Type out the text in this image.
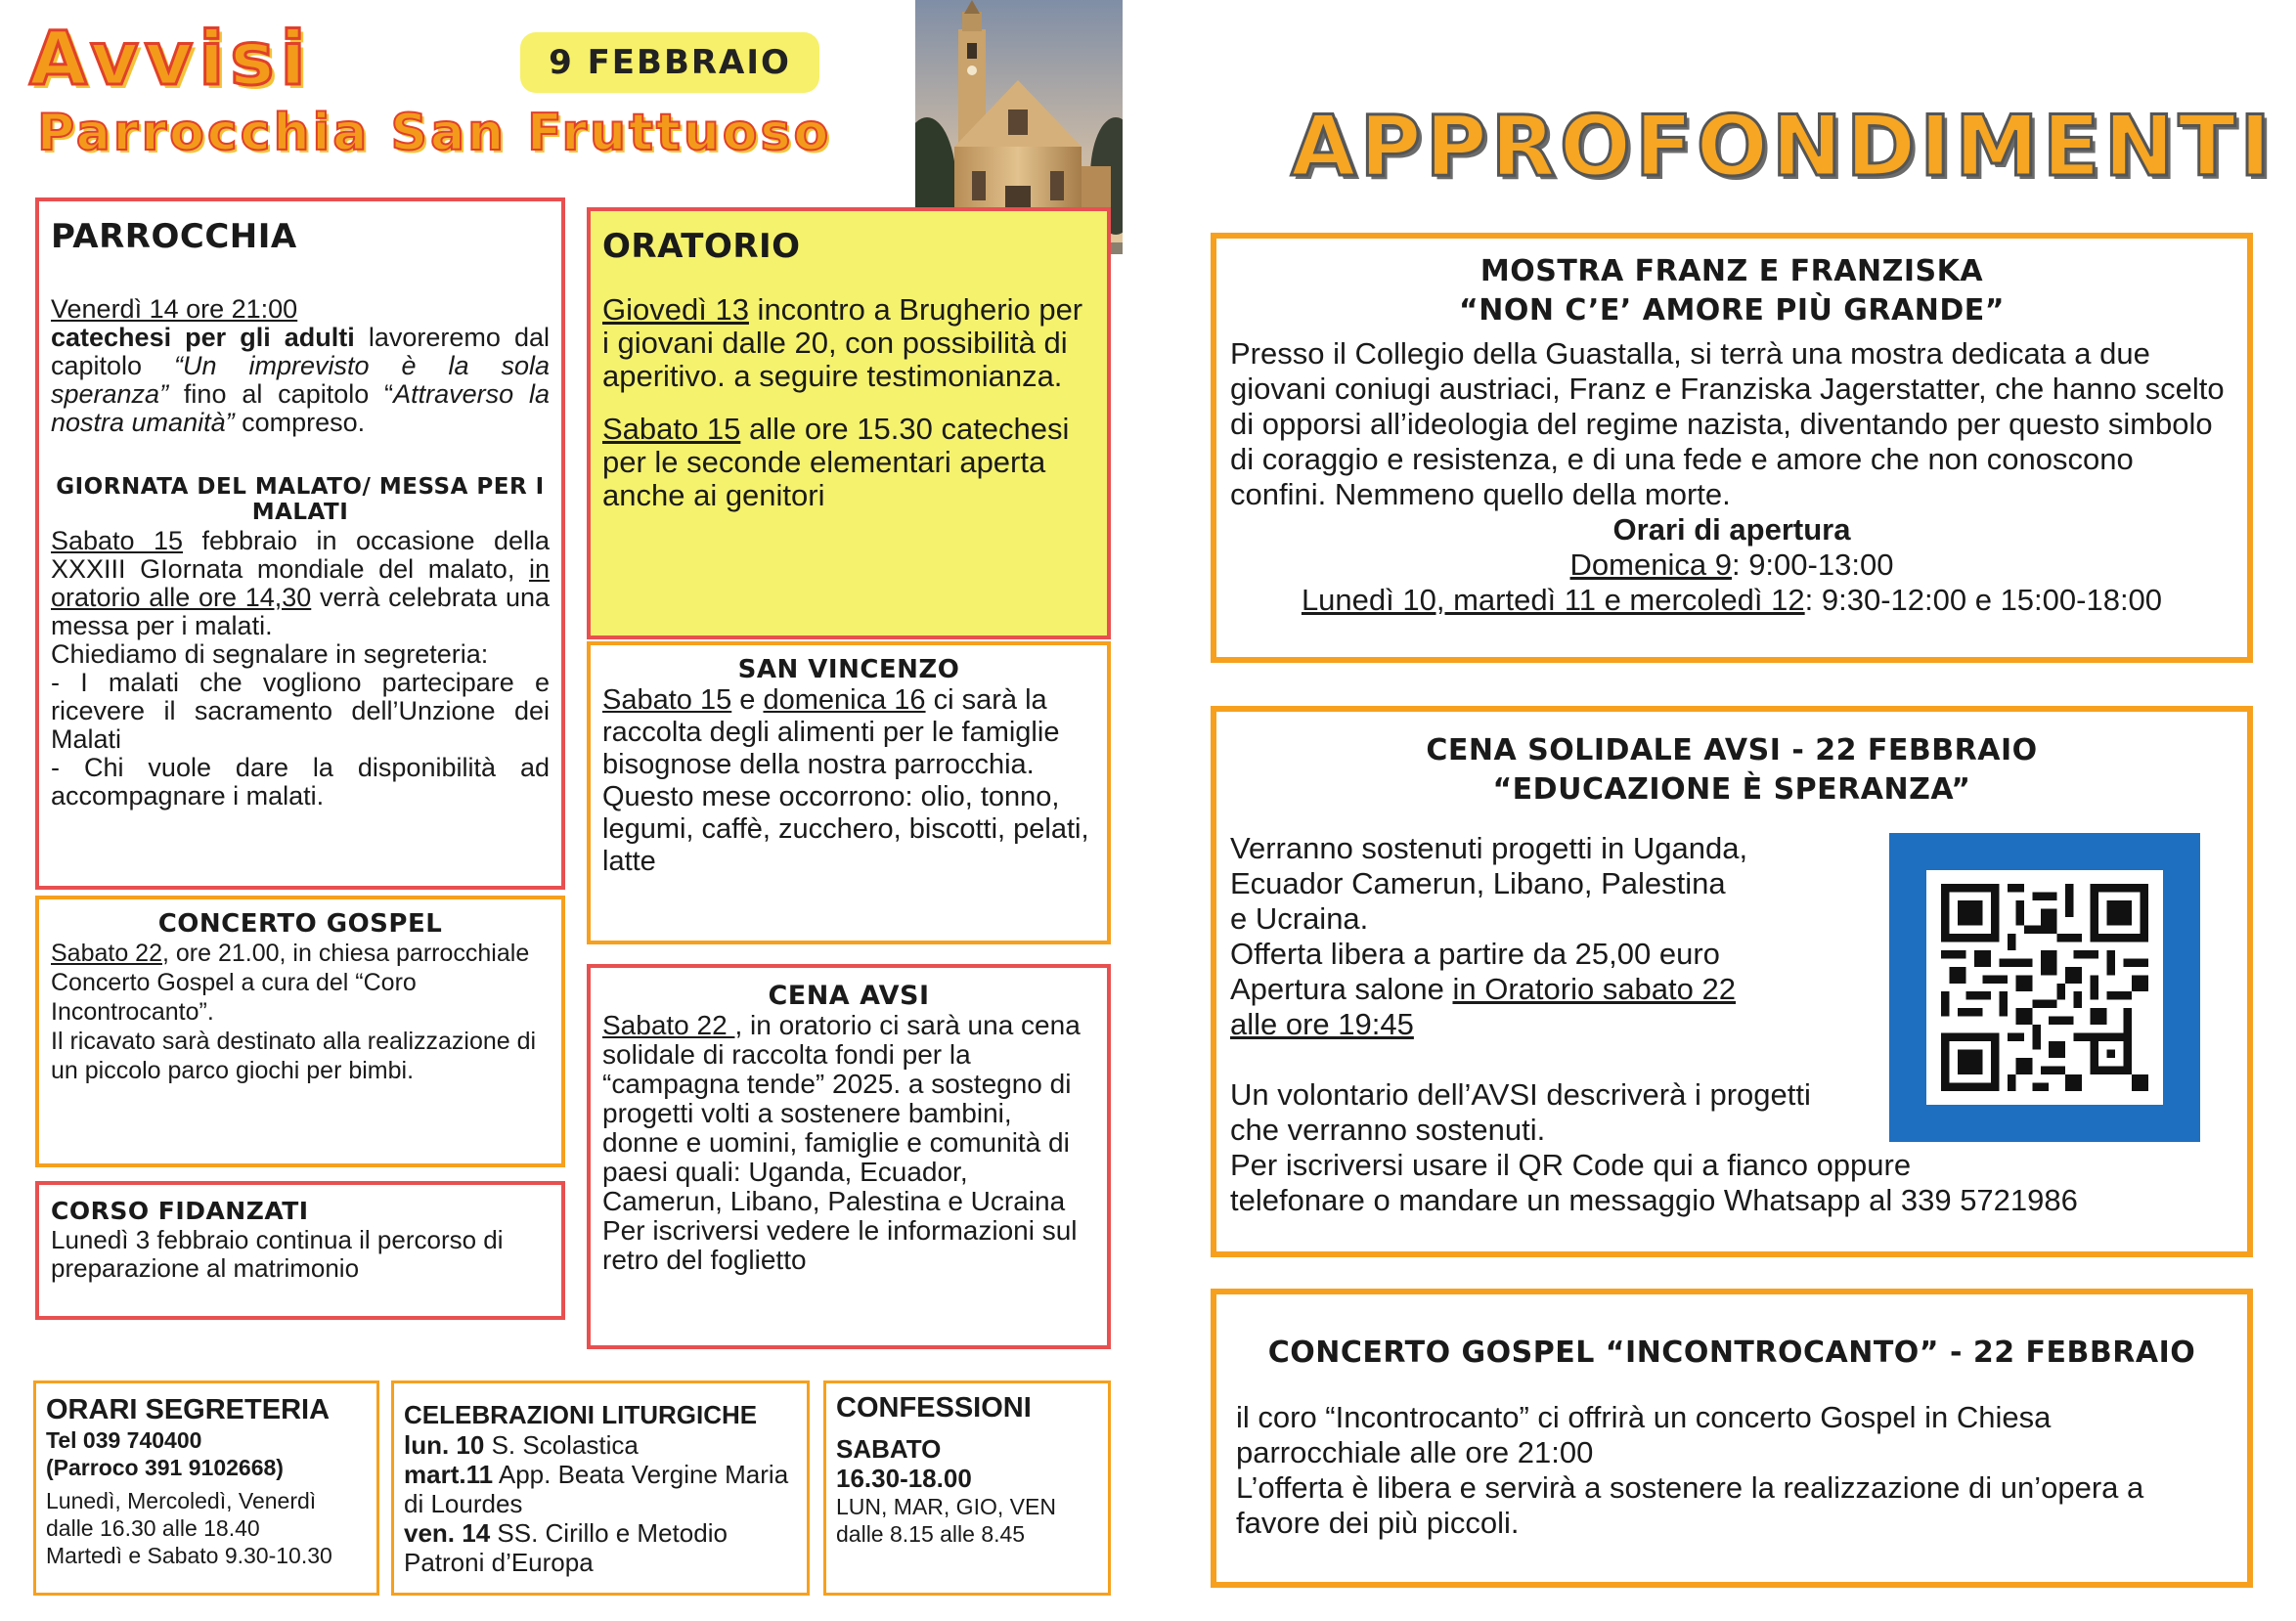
Avvisi
Parrocchia San Fruttuoso
9 FEBBRAIO
APPROFONDIMENTI
PARROCCHIA

Venerdì 14 ore 21:00

catechesi per gli adulti lavoreremo dal capitolo “Un imprevisto è la sola speranza” fino al capitolo “Attraverso la nostra umanità” compreso.

GIORNATA DEL MALATO/ MESSA PER I MALATI

Sabato 15 febbraio in occasione della XXXIII GIornata mondiale del malato, in oratorio alle ore 14,30 verrà celebrata una messa per i malati.

Chiediamo di segnalare in segreteria:

- I malati che vogliono partecipare e ricevere il sacramento dell’Unzione dei Malati

- Chi vuole dare la disponibilità ad accompagnare i malati.

ORATORIO

Giovedì 13 incontro a Brugherio per i giovani dalle 20, con possibilità di aperitivo. a seguire testimonianza.

Sabato 15 alle ore 15.30 catechesi per le seconde elementari aperta anche ai genitori

SAN VINCENZO

Sabato 15 e domenica 16 ci sarà la raccolta degli alimenti per le famiglie bisognose della nostra parrocchia.

Questo mese occorrono: olio, tonno, legumi, caffè, zucchero, biscotti, pelati, latte

CONCERTO GOSPEL

Sabato 22, ore 21.00, in chiesa parrocchiale Concerto Gospel a cura del “Coro Incontrocanto”.

Il ricavato sarà destinato alla realizzazione di un piccolo parco giochi per bimbi.

CORSO FIDANZATI

Lunedì 3 febbraio continua il percorso di preparazione al matrimonio

CENA AVSI

Sabato 22 , in oratorio ci sarà una cena solidale di raccolta fondi per la “campagna tende” 2025. a sostegno di progetti volti a sostenere bambini, donne e uomini, famiglie e comunità di paesi quali: Uganda, Ecuador, Camerun, Libano, Palestina e Ucraina

Per iscriversi vedere le informazioni sul retro del foglietto

ORARI SEGRETERIA
Tel 039 740400
(Parroco 391 9102668)
Lunedì, Mercoledì, Venerdì
dalle 16.30 alle 18.40
Martedì e Sabato 9.30-10.30
CELEBRAZIONI LITURGICHE
lun. 10 S. Scolastica
mart.11 App. Beata Vergine Maria di Lourdes
ven. 14 SS. Cirillo e Metodio Patroni d’Europa
CONFESSIONI
SABATO
16.30-18.00
LUN, MAR, GIO, VEN
dalle 8.15 alle 8.45
MOSTRA FRANZ E FRANZISKA
“NON C’E’ AMORE PIÙ GRANDE”

Presso il Collegio della Guastalla, si terrà una mostra dedicata a due giovani coniugi austriaci, Franz e Franziska Jagerstatter, che hanno scelto di opporsi all’ideologia del regime nazista, diventando per questo simbolo di coraggio e resistenza, e di una fede e amore che non conoscono confini. Nemmeno quello della morte.

Orari di apertura

Domenica 9: 9:00-13:00

Lunedì 10, martedì 11 e mercoledì 12: 9:30-12:00 e 15:00-18:00

CENA SOLIDALE AVSI - 22 FEBBRAIO
“EDUCAZIONE È SPERANZA”

Verranno sostenuti progetti in Uganda,

Ecuador Camerun, Libano, Palestina

e Ucraina.

Offerta libera a partire da 25,00 euro

Apertura salone in Oratorio sabato 22

alle ore 19:45

Un volontario dell’AVSI descriverà i progetti

che verranno sostenuti.

Per iscriversi usare il QR Code qui a fianco oppure

telefonare o mandare un messaggio Whatsapp al 339 5721986

CONCERTO GOSPEL “INCONTROCANTO” - 22 FEBBRAIO

il coro “Incontrocanto” ci offrirà un concerto Gospel in Chiesa

parrocchiale alle ore 21:00

L’offerta è libera e servirà a sostenere la realizzazione di un’opera a favore dei più piccoli.
